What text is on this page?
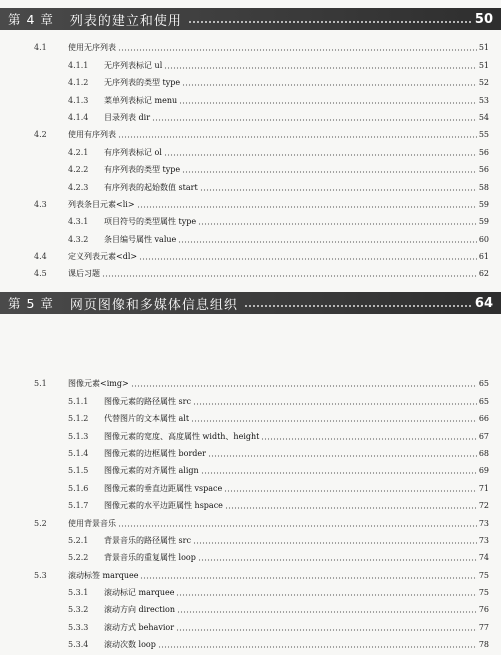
第 4 章 列表的建立和使用	50
4.1	使用无序列表	51
4.1.1	无序列表标记 ul	51
4.1.2	无序列表的类型 type	52
4.1.3	菜单列表标记 menu	53
4.1.4	目录列表 dir	54
4.2	使用有序列表	55
4.2.1	有序列表标记 ol	56
4.2.2	有序列表的类型 type	56
4.2.3	有序列表的起始数值 start	58
4.3	列表条目元素<li>	59
4.3.1	项目符号的类型属性 type	59
4.3.2	条目编号属性 value	60
4.4	定义列表元素<dl>	61
4.5	课后习题	62
第 5 章 网页图像和多媒体信息组织	64
5.1	图像元素<img>	65
5.1.1	图像元素的路径属性 src	65
5.1.2	代替图片的文本属性 alt	66
5.1.3	图像元素的宽度、高度属性 width、height	67
5.1.4	图像元素的边框属性 border	68
5.1.5	图像元素的对齐属性 align	69
5.1.6	图像元素的垂直边距属性 vspace	71
5.1.7	图像元素的水平边距属性 hspace	72
5.2	使用背景音乐	73
5.2.1	背景音乐的路径属性 src	73
5.2.2	背景音乐的重复属性 loop	74
5.3	滚动标签 marquee	75
5.3.1	滚动标记 marquee	75
5.3.2	滚动方向 direction	76
5.3.3	滚动方式 behavior	77
5.3.4	滚动次数 loop	78
